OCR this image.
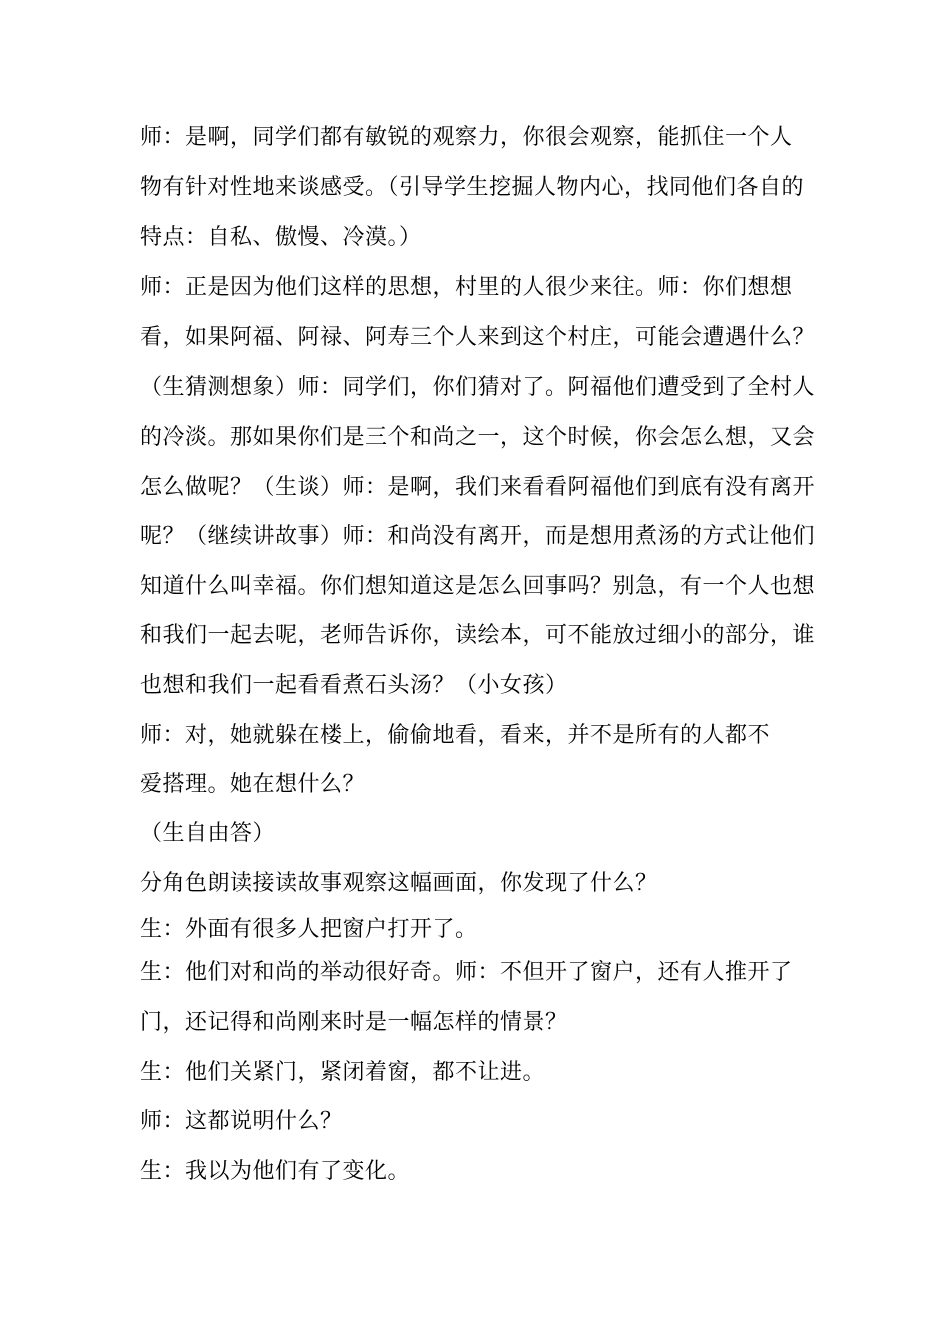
师：是啊，同学们都有敏锐的观察力，你很会观察，能抓住一个人
物有针对性地来谈感受。（引导学生挖掘人物内心，找同他们各自的
特点：自私、傲慢、冷漠。）
师：正是因为他们这样的思想，村里的人很少来往。师：你们想想
看，如果阿福、阿禄、阿寿三个人来到这个村庄，可能会遭遇什么？
（生猜测想象）师：同学们，你们猜对了。阿福他们遭受到了全村人
的冷淡。那如果你们是三个和尚之一，这个时候，你会怎么想，又会
怎么做呢？（生谈）师：是啊，我们来看看阿福他们到底有没有离开
呢？（继续讲故事）师：和尚没有离开，而是想用煮汤的方式让他们
知道什么叫幸福。你们想知道这是怎么回事吗？别急，有一个人也想
和我们一起去呢，老师告诉你，读绘本，可不能放过细小的部分，谁
也想和我们一起看看煮石头汤？（小女孩）
师：对，她就躲在楼上，偷偷地看，看来，并不是所有的人都不
爱搭理。她在想什么？
（生自由答）
分角色朗读接读故事观察这幅画面，你发现了什么？
生：外面有很多人把窗户打开了。
生：他们对和尚的举动很好奇。师：不但开了窗户，还有人推开了
门，还记得和尚刚来时是一幅怎样的情景？
生：他们关紧门，紧闭着窗，都不让进。
师：这都说明什么？
生：我以为他们有了变化。
